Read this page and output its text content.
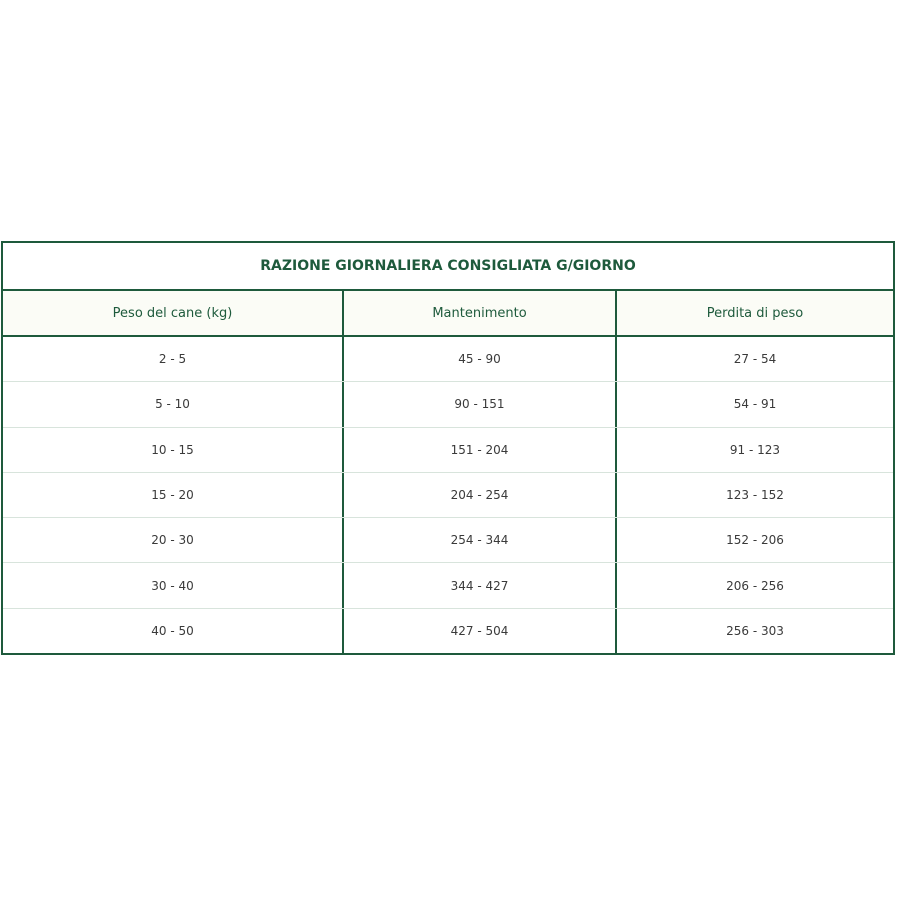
RAZIONE GIORNALIERA CONSIGLIATA G/GIORNO
Peso del cane (kg)	Mantenimento	Perdita di peso
2 - 5	45 - 90	27 - 54
5 - 10	90 - 151	54 - 91
10 - 15	151 - 204	91 - 123
15 - 20	204 - 254	123 - 152
20 - 30	254 - 344	152 - 206
30 - 40	344 - 427	206 - 256
40 - 50	427 - 504	256 - 303
